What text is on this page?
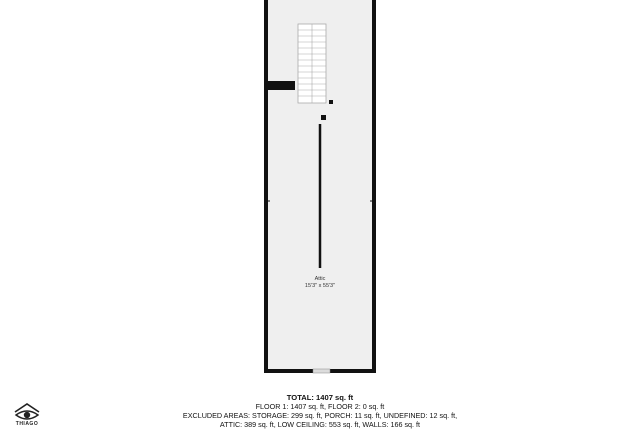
Attic
15'3" x 55'3"
TOTAL: 1407 sq. ft
FLOOR 1: 1407 sq. ft, FLOOR 2: 0 sq. ft
EXCLUDED AREAS: STORAGE: 299 sq. ft, PORCH: 11 sq. ft, UNDEFINED: 12 sq. ft,
ATTIC: 389 sq. ft, LOW CEILING: 553 sq. ft, WALLS: 166 sq. ft
THIAGO
